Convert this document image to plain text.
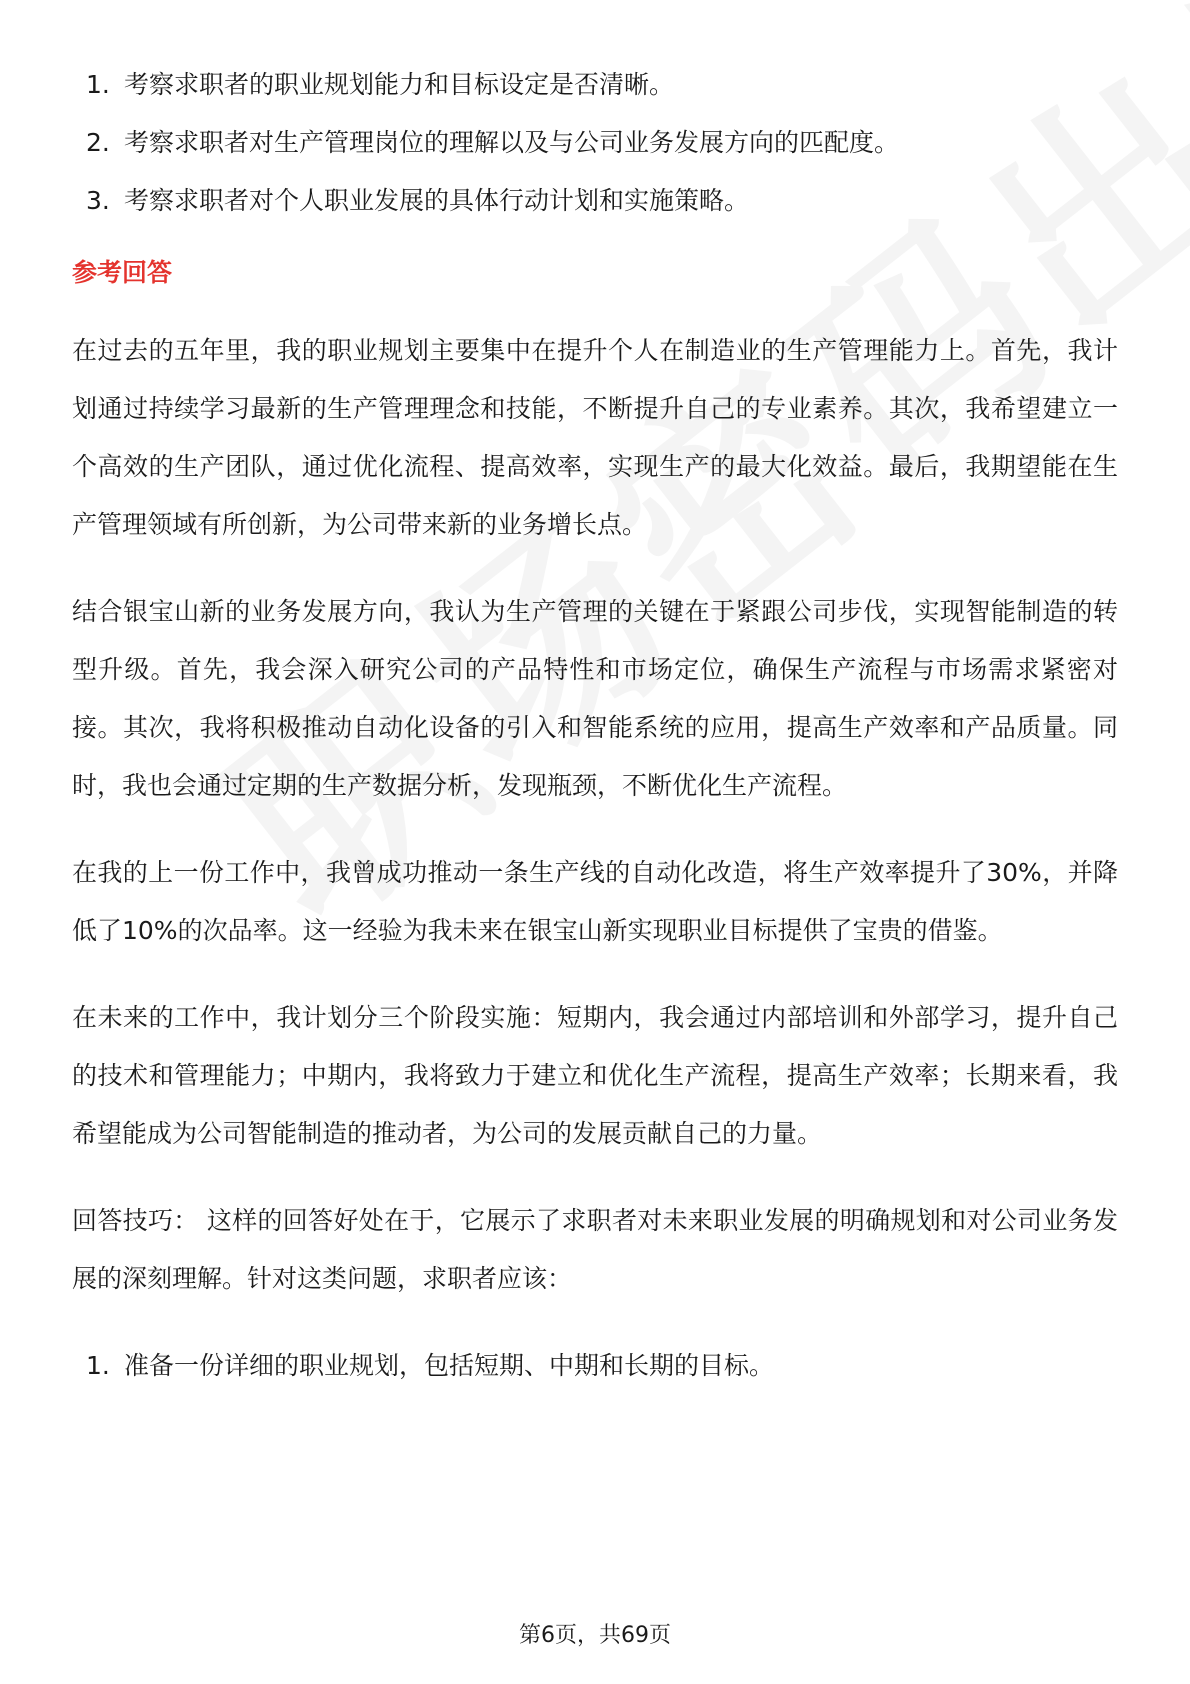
1. 考察求职者的职业规划能力和目标设定是否清晰。
2. 考察求职者对生产管理岗位的理解以及与公司业务发展方向的匹配度。
3. 考察求职者对个人职业发展的具体行动计划和实施策略。
参考回答

在过去的五年里，我的职业规划主要集中在提升个人在制造业的生产管理能力上。首先，我计划通过持续学习最新的生产管理理念和技能，不断提升自己的专业素养。其次，我希望建立一个高效的生产团队，通过优化流程、提高效率，实现生产的最大化效益。最后，我期望能在生产管理领域有所创新，为公司带来新的业务增长点。

结合银宝山新的业务发展方向，我认为生产管理的关键在于紧跟公司步伐，实现智能制造的转型升级。首先，我会深入研究公司的产品特性和市场定位，确保生产流程与市场需求紧密对接。其次，我将积极推动自动化设备的引入和智能系统的应用，提高生产效率和产品质量。同时，我也会通过定期的生产数据分析，发现瓶颈，不断优化生产流程。

在我的上一份工作中，我曾成功推动一条生产线的自动化改造，将生产效率提升了30%，并降低了10%的次品率。这一经验为我未来在银宝山新实现职业目标提供了宝贵的借鉴。

在未来的工作中，我计划分三个阶段实施：短期内，我会通过内部培训和外部学习，提升自己的技术和管理能力；中期内，我将致力于建立和优化生产流程，提高生产效率；长期来看，我希望能成为公司智能制造的推动者，为公司的发展贡献自己的力量。

回答技巧： 这样的回答好处在于，它展示了求职者对未来职业发展的明确规划和对公司业务发展的深刻理解。针对这类问题，求职者应该：

1. 准备一份详细的职业规划，包括短期、中期和长期的目标。
第6页，共69页
